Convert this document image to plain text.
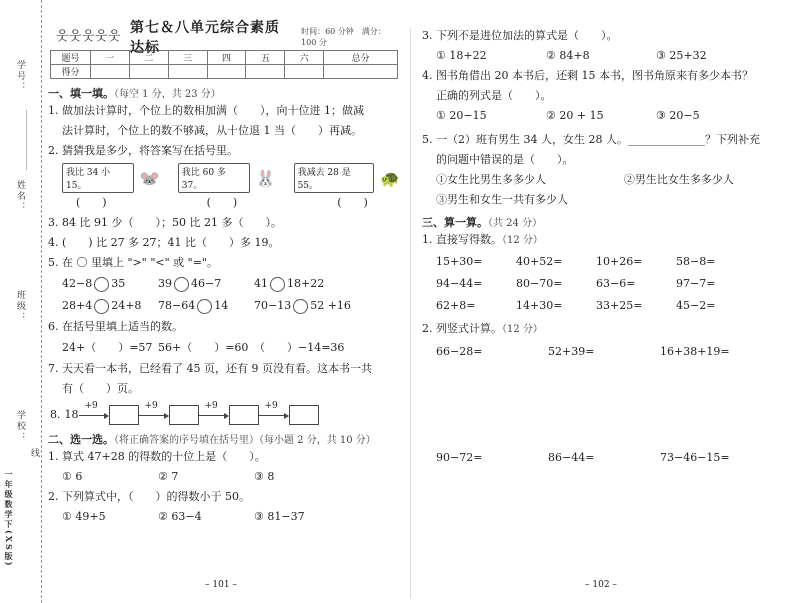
学号：
姓名：
班级：
学校：
线
一年级数学下(XS版)
웃 웃 웃 웃 웃
第七＆八单元综合素质达标
时间：60 分钟　满分：100 分
题号	一	二	三	四	五	六	总分
得分							
一、填一填。（每空 1 分，共 23 分）
1. 做加法计算时，个位上的数相加满（　　），向十位进 1；做减
法计算时，个位上的数不够减，从十位退 1 当（　　）再减。
2. 猜猜我是多少，将答案写在括号里。
我比 34 小 15。	🐭	我比 60 多 37。	🐰	我减去 28 是 55。	🐢
(　　)	(　　)	(　　)
3. 84 比 91 少（　　）；50 比 21 多（　　）。
4. (　　) 比 27 多 27；41 比（　　）多 19。
5. 在 〇 里填上 ">" "<" 或 "="。
42−8 35	39 46−7	41 18+22
28+4 24+8	78−64 14	70−13 52 +16
6. 在括号里填上适当的数。
24+（　　）=57 56+（　　）=60 （　　）−14=36
7. 天天看一本书，已经看了 45 页，还有 9 页没有看。这本书一共
有（　　）页。
8. 18
+9	+9	+9	+9
二、选一选。（将正确答案的序号填在括号里）（每小题 2 分，共 10 分）
1. 算式 47+28 的得数的十位上是（　　）。
① 6	② 7	③ 8
2. 下列算式中，（　　）的得数小于 50。
① 49+5	② 63−4	③ 81−37
– 101 –
3. 下列不是进位加法的算式是（　　）。
① 18+22	② 84+8	③ 25+32
4. 图书角借出 20 本书后，还剩 15 本书，图书角原来有多少本书？
正确的列式是（　　）。
① 20−15	② 20 + 15	③ 20−5
5. 一（2）班有男生 34 人，女生 28 人。______________？下列补充
的问题中错误的是（　　）。
①女生比男生多多少人	②男生比女生多多少人
③男生和女生一共有多少人
三、算一算。（共 24 分）
1. 直接写得数。（12 分）
15+30=	40+52=	10+26=	58−8=
94−44=	80−70=	63−6=	97−7=
62+8=	14+30=	33+25=	45−2=
2. 列竖式计算。（12 分）
66−28=	52+39=	16+38+19=
90−72=	86−44=	73−46−15=
– 102 –
